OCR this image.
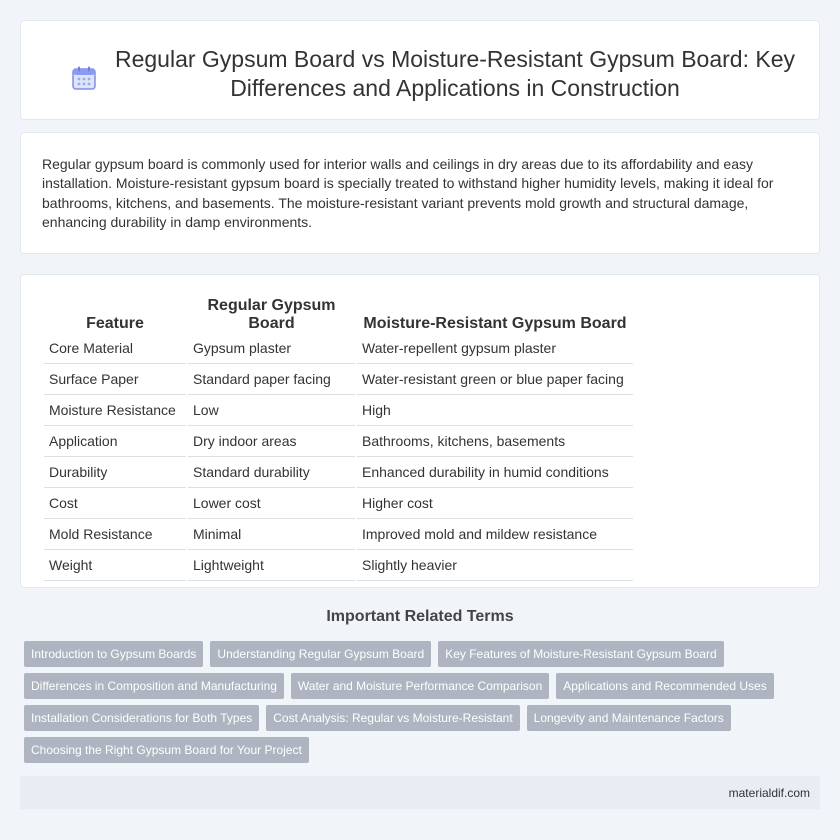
Regular Gypsum Board vs Moisture-Resistant Gypsum Board: Key Differences and Applications in Construction

Regular gypsum board is commonly used for interior walls and ceilings in dry areas due to its affordability and easy installation. Moisture-resistant gypsum board is specially treated to withstand higher humidity levels, making it ideal for bathrooms, kitchens, and basements. The moisture-resistant variant prevents mold growth and structural damage, enhancing durability in damp environments.

Feature	Regular Gypsum Board	Moisture-Resistant Gypsum Board
Core Material	Gypsum plaster	Water-repellent gypsum plaster
Surface Paper	Standard paper facing	Water-resistant green or blue paper facing
Moisture Resistance	Low	High
Application	Dry indoor areas	Bathrooms, kitchens, basements
Durability	Standard durability	Enhanced durability in humid conditions
Cost	Lower cost	Higher cost
Mold Resistance	Minimal	Improved mold and mildew resistance
Weight	Lightweight	Slightly heavier
Important Related Terms
Introduction to Gypsum Boards	Understanding Regular Gypsum Board	Key Features of Moisture-Resistant Gypsum Board
Differences in Composition and Manufacturing	Water and Moisture Performance Comparison	Applications and Recommended Uses
Installation Considerations for Both Types	Cost Analysis: Regular vs Moisture-Resistant	Longevity and Maintenance Factors
Choosing the Right Gypsum Board for Your Project
materialdif.com
